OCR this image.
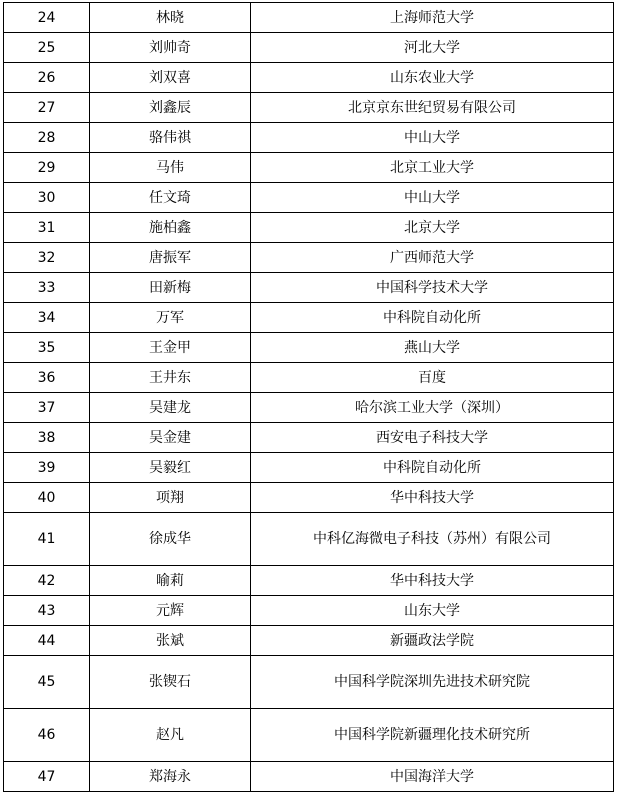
24	林晓	上海师范大学
25	刘帅奇	河北大学
26	刘双喜	山东农业大学
27	刘鑫辰	北京京东世纪贸易有限公司
28	骆伟祺	中山大学
29	马伟	北京工业大学
30	任文琦	中山大学
31	施柏鑫	北京大学
32	唐振军	广西师范大学
33	田新梅	中国科学技术大学
34	万军	中科院自动化所
35	王金甲	燕山大学
36	王井东	百度
37	吴建龙	哈尔滨工业大学（深圳）
38	吴金建	西安电子科技大学
39	吴毅红	中科院自动化所
40	项翔	华中科技大学
41	徐成华	中科亿海微电子科技（苏州）有限公司
42	喻莉	华中科技大学
43	元辉	山东大学
44	张斌	新疆政法学院
45	张锲石	中国科学院深圳先进技术研究院
46	赵凡	中国科学院新疆理化技术研究所
47	郑海永	中国海洋大学
